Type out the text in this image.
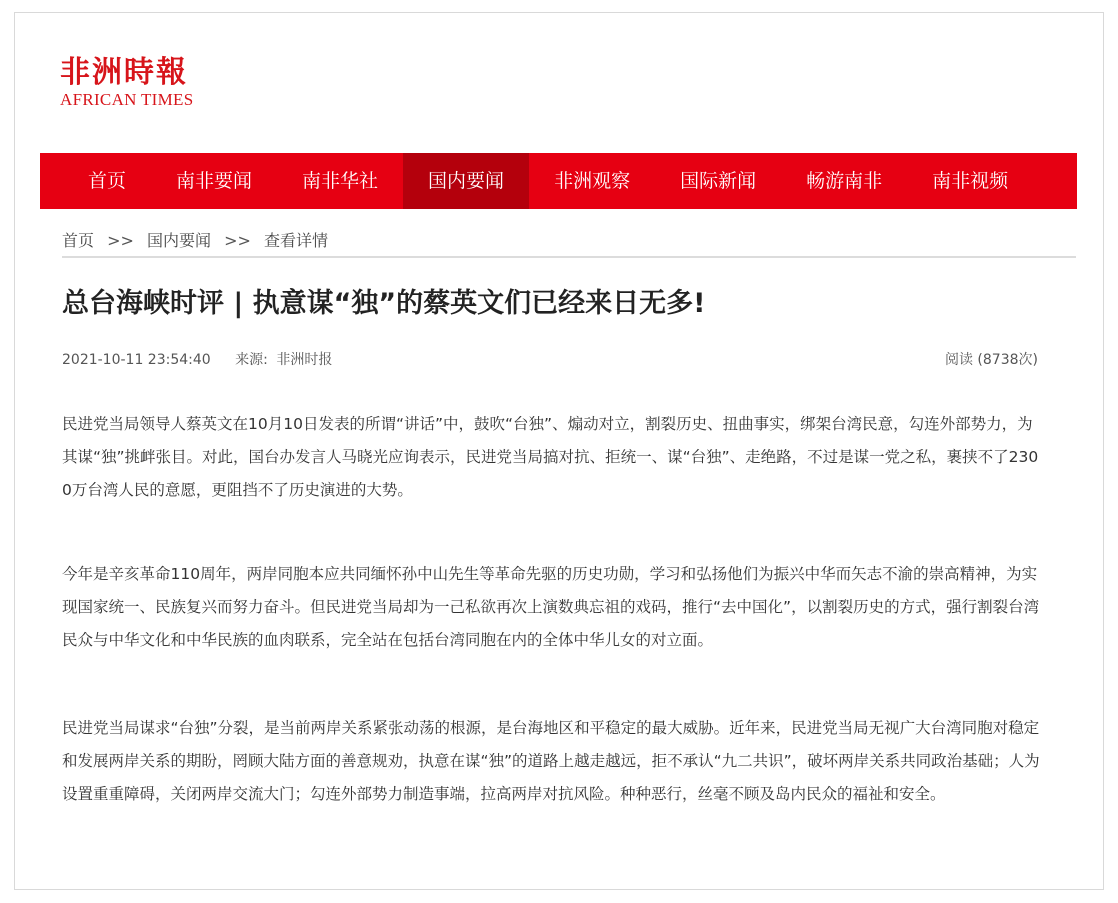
非洲時報
AFRICAN TIMES
首页	南非要闻	南非华社	国内要闻	非洲观察	国际新闻	畅游南非	南非视频
首页 >> 国内要闻 >> 查看详情
总台海峡时评 | 执意谋“独”的蔡英文们已经来日无多!
2021-10-11 23:54:40 来源: 非洲时报	阅读 (8738次)

民进党当局领导人蔡英文在10月10日发表的所谓“讲话”中，鼓吹“台独”、煽动对立，割裂历史、扭曲事实，绑架台湾民意，勾连外部势力，为其谋“独”挑衅张目。对此，国台办发言人马晓光应询表示，民进党当局搞对抗、拒统一、谋“台独”、走绝路，不过是谋一党之私，裹挟不了2300万台湾人民的意愿，更阻挡不了历史演进的大势。

今年是辛亥革命110周年，两岸同胞本应共同缅怀孙中山先生等革命先驱的历史功勋，学习和弘扬他们为振兴中华而矢志不渝的崇高精神，为实现国家统一、民族复兴而努力奋斗。但民进党当局却为一己私欲再次上演数典忘祖的戏码，推行“去中国化”，以割裂历史的方式，强行割裂台湾民众与中华文化和中华民族的血肉联系，完全站在包括台湾同胞在内的全体中华儿女的对立面。

民进党当局谋求“台独”分裂，是当前两岸关系紧张动荡的根源，是台海地区和平稳定的最大威胁。近年来，民进党当局无视广大台湾同胞对稳定和发展两岸关系的期盼，罔顾大陆方面的善意规劝，执意在谋“独”的道路上越走越远，拒不承认“九二共识”，破坏两岸关系共同政治基础；人为设置重重障碍，关闭两岸交流大门；勾连外部势力制造事端，拉高两岸对抗风险。种种恶行，丝毫不顾及岛内民众的福祉和安全。
